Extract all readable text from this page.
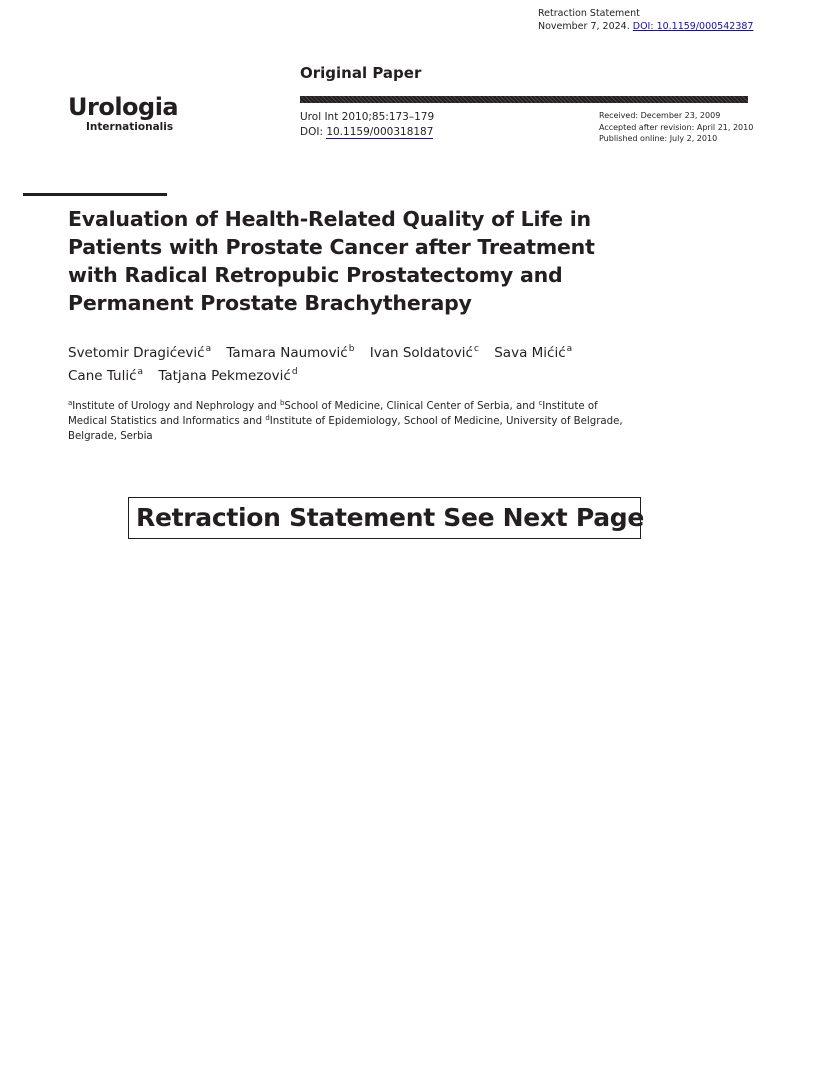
Retraction Statement
November 7, 2024. DOI: 10.1159/000542387
Urologia
Internationalis
Original Paper
Urol Int 2010;85:173–179
DOI: 10.1159/000318187
Received: December 23, 2009
Accepted after revision: April 21, 2010
Published online: July 2, 2010
Evaluation of Health-Related Quality of Life in
Patients with Prostate Cancer after Treatment
with Radical Retropubic Prostatectomy and
Permanent Prostate Brachytherapy
Svetomir Dragićević$^a$ Tamara Naumović$^b$ Ivan Soldatović$^c$ Sava Mićić$^a$
Cane Tulić$^a$ Tatjana Pekmezović$^d$
$^a$Institute of Urology and Nephrology and $^b$School of Medicine, Clinical Center of Serbia, and $^c$Institute of Medical Statistics and Informatics and $^d$Institute of Epidemiology, School of Medicine, University of Belgrade, Belgrade, Serbia
Retraction Statement See Next Page
